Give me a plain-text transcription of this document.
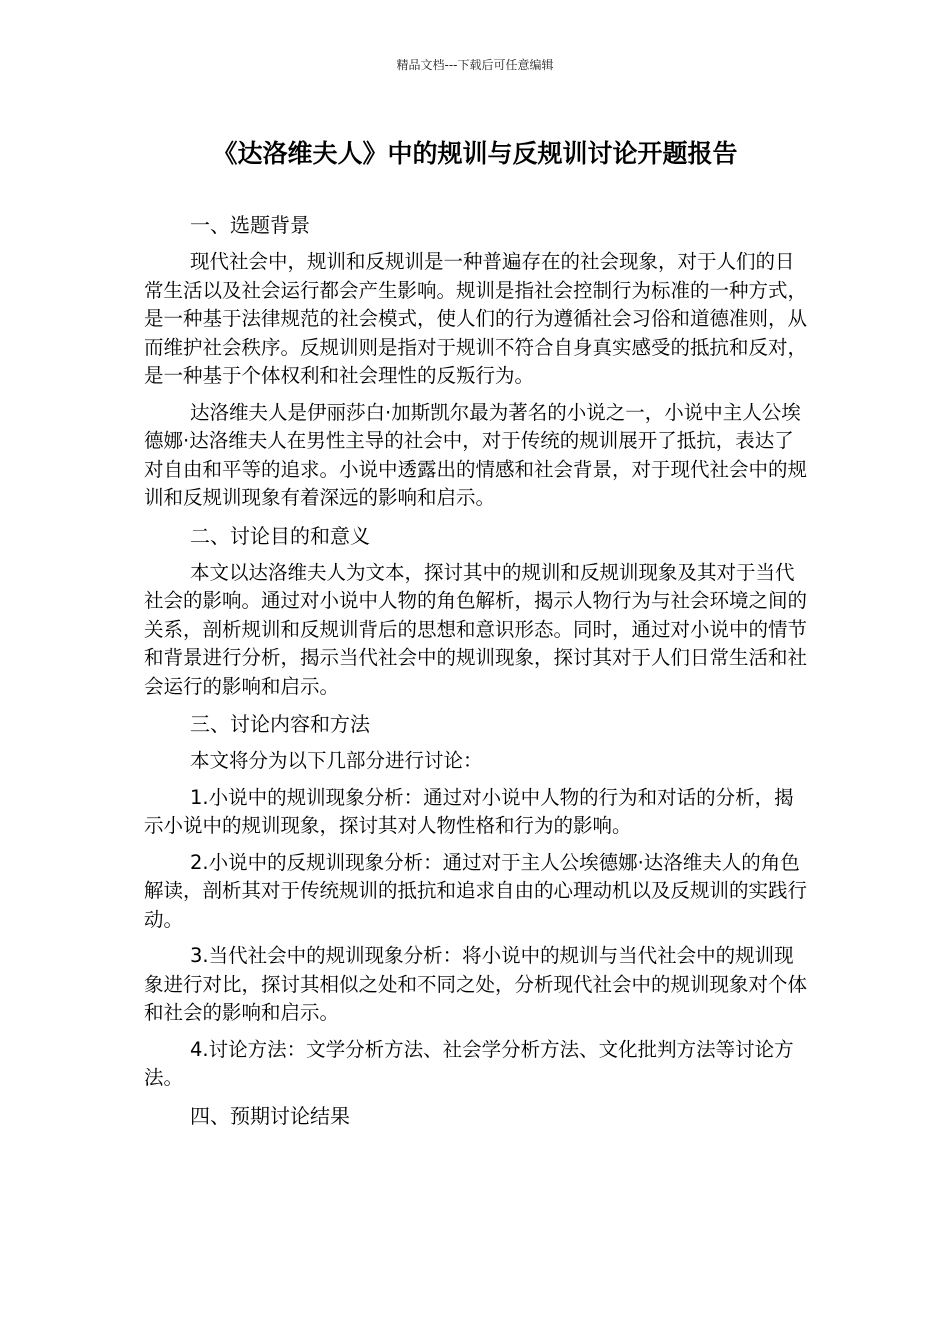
精品文档---下载后可任意编辑
《达洛维夫人》中的规训与反规训讨论开题报告
一、选题背景

现代社会中，规训和反规训是一种普遍存在的社会现象，对于人们的日常生活以及社会运行都会产生影响。规训是指社会控制行为标准的一种方式，是一种基于法律规范的社会模式，使人们的行为遵循社会习俗和道德准则，从而维护社会秩序。反规训则是指对于规训不符合自身真实感受的抵抗和反对，是一种基于个体权利和社会理性的反叛行为。

达洛维夫人是伊丽莎白·加斯凯尔最为著名的小说之一，小说中主人公埃德娜·达洛维夫人在男性主导的社会中，对于传统的规训展开了抵抗，表达了对自由和平等的追求。小说中透露出的情感和社会背景，对于现代社会中的规训和反规训现象有着深远的影响和启示。

二、讨论目的和意义

本文以达洛维夫人为文本，探讨其中的规训和反规训现象及其对于当代社会的影响。通过对小说中人物的角色解析，揭示人物行为与社会环境之间的关系，剖析规训和反规训背后的思想和意识形态。同时，通过对小说中的情节和背景进行分析，揭示当代社会中的规训现象，探讨其对于人们日常生活和社会运行的影响和启示。

三、讨论内容和方法

本文将分为以下几部分进行讨论：

1.小说中的规训现象分析：通过对小说中人物的行为和对话的分析，揭示小说中的规训现象，探讨其对人物性格和行为的影响。

2.小说中的反规训现象分析：通过对于主人公埃德娜·达洛维夫人的角色解读，剖析其对于传统规训的抵抗和追求自由的心理动机以及反规训的实践行动。

3.当代社会中的规训现象分析：将小说中的规训与当代社会中的规训现象进行对比，探讨其相似之处和不同之处，分析现代社会中的规训现象对个体和社会的影响和启示。

4.讨论方法：文学分析方法、社会学分析方法、文化批判方法等讨论方法。

四、预期讨论结果
